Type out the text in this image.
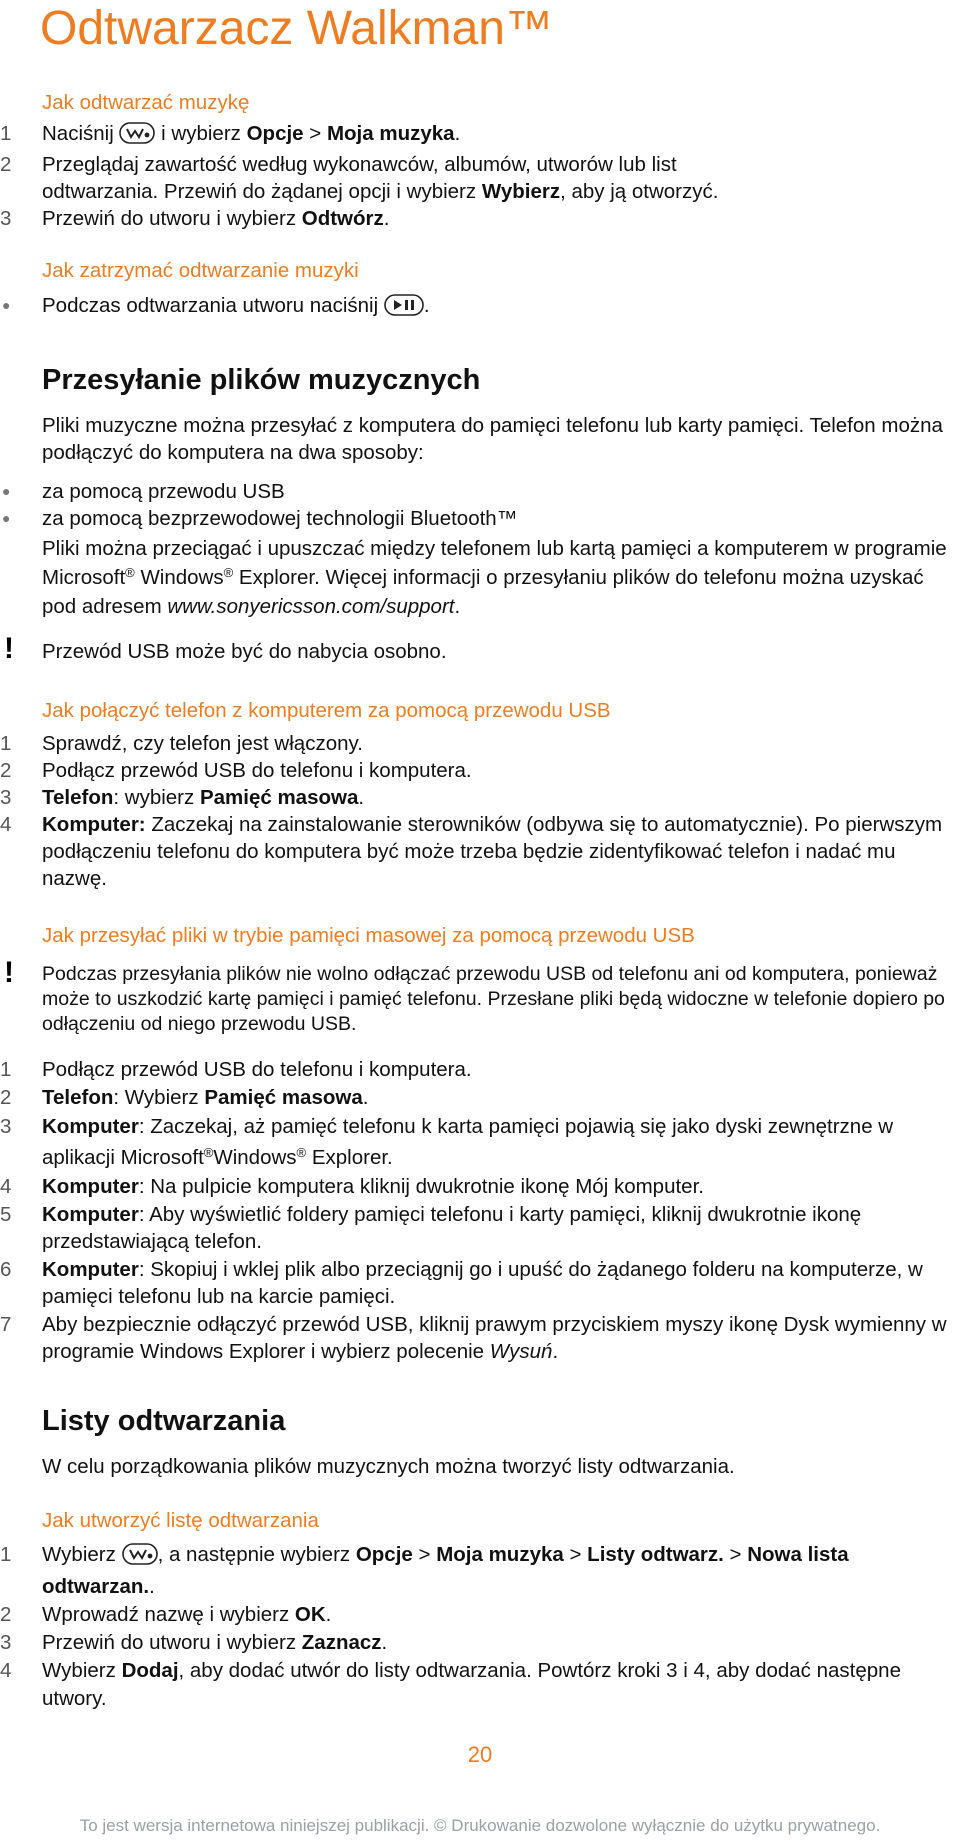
Odtwarzacz Walkman™
Jak odtwarzać muzykę
1	Naciśnij  i wybierz Opcje > Moja muzyka.
2	Przeglądaj zawartość według wykonawców, albumów, utworów lub list
odtwarzania. Przewiń do żądanej opcji i wybierz Wybierz, aby ją otworzyć.
3	Przewiń do utworu i wybierz Odtwórz.
Jak zatrzymać odtwarzanie muzyki
● Podczas odtwarzania utworu naciśnij .
Przesyłanie plików muzycznych

Pliki muzyczne można przesyłać z komputera do pamięci telefonu lub karty pamięci. Telefon można podłączyć do komputera na dwa sposoby:

● za pomocą przewodu USB
● za pomocą bezprzewodowej technologii Bluetooth™

Pliki można przeciągać i upuszczać między telefonem lub kartą pamięci a komputerem w programie Microsoft® Windows® Explorer. Więcej informacji o przesyłaniu plików do telefonu można uzyskać pod adresem www.sonyericsson.com/support.

! Przewód USB może być do nabycia osobno.

Jak połączyć telefon z komputerem za pomocą przewodu USB
1	Sprawdź, czy telefon jest włączony.
2	Podłącz przewód USB do telefonu i komputera.
3	Telefon: wybierz Pamięć masowa.
4	Komputer: Zaczekaj na zainstalowanie sterowników (odbywa się to automatycznie). Po pierwszym podłączeniu telefonu do komputera być może trzeba będzie zidentyfikować telefon i nadać mu nazwę.
Jak przesyłać pliki w trybie pamięci masowej za pomocą przewodu USB

! Podczas przesyłania plików nie wolno odłączać przewodu USB od telefonu ani od komputera, ponieważ może to uszkodzić kartę pamięci i pamięć telefonu. Przesłane pliki będą widoczne w telefonie dopiero po odłączeniu od niego przewodu USB.

1	Podłącz przewód USB do telefonu i komputera.
2	Telefon: Wybierz Pamięć masowa.
3	Komputer: Zaczekaj, aż pamięć telefonu k karta pamięci pojawią się jako dyski zewnętrzne w aplikacji Microsoft®Windows® Explorer.
4	Komputer: Na pulpicie komputera kliknij dwukrotnie ikonę Mój komputer.
5	Komputer: Aby wyświetlić foldery pamięci telefonu i karty pamięci, kliknij dwukrotnie ikonę przedstawiającą telefon.
6	Komputer: Skopiuj i wklej plik albo przeciągnij go i upuść do żądanego folderu na komputerze, w pamięci telefonu lub na karcie pamięci.
7	Aby bezpiecznie odłączyć przewód USB, kliknij prawym przyciskiem myszy ikonę Dysk wymienny w programie Windows Explorer i wybierz polecenie Wysuń.
Listy odtwarzania

W celu porządkowania plików muzycznych można tworzyć listy odtwarzania.

Jak utworzyć listę odtwarzania
1	Wybierz , a następnie wybierz Opcje > Moja muzyka > Listy odtwarz. > Nowa lista odtwarzan..
2	Wprowadź nazwę i wybierz OK.
3	Przewiń do utworu i wybierz Zaznacz.
4	Wybierz Dodaj, aby dodać utwór do listy odtwarzania. Powtórz kroki 3 i 4, aby dodać następne utwory.
20
To jest wersja internetowa niniejszej publikacji. © Drukowanie dozwolone wyłącznie do użytku prywatnego.
